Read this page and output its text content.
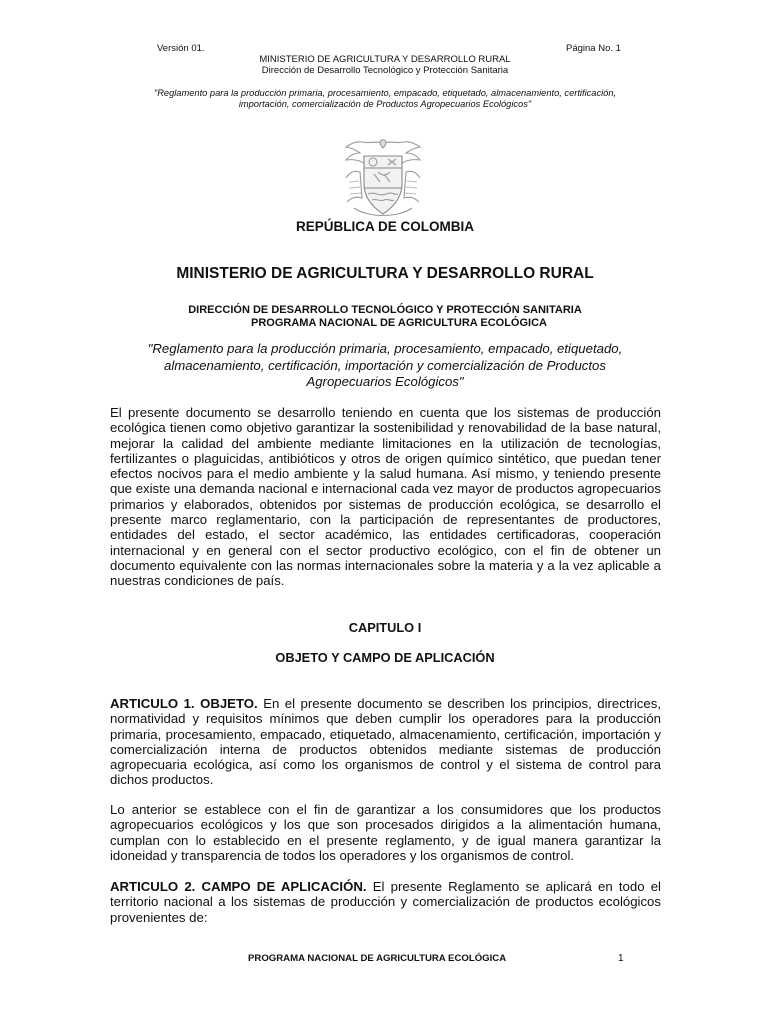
Versión 01.	Página No. 1
MINISTERIO DE AGRICULTURA Y DESARROLLO RURAL
Dirección de Desarrollo Tecnológico y Protección Sanitaria
"Reglamento para la producción primaria, procesamiento, empacado, etiquetado, almacenamiento, certificación,
importación, comercialización de Productos Agropecuarios Ecológicos"
REPÚBLICA DE COLOMBIA
MINISTERIO DE AGRICULTURA Y DESARROLLO RURAL
DIRECCIÓN DE DESARROLLO TECNOLÓGICO Y PROTECCIÓN SANITARIA
PROGRAMA NACIONAL DE AGRICULTURA ECOLÓGICA
"Reglamento para la producción primaria, procesamiento, empacado, etiquetado,
almacenamiento, certificación, importación y comercialización de Productos
Agropecuarios Ecológicos"

El presente documento se desarrollo teniendo en cuenta que los sistemas de producción ecológica tienen como objetivo garantizar la sostenibilidad y renovabilidad de la base natural, mejorar la calidad del ambiente mediante limitaciones en la utilización de tecnologías, fertilizantes o plaguicidas, antibióticos y otros de origen químico sintético, que puedan tener efectos nocivos para el medio ambiente y la salud humana. Así mismo, y teniendo presente que existe una demanda nacional e internacional cada vez mayor de productos agropecuarios primarios y elaborados, obtenidos por sistemas de producción ecológica, se desarrollo el presente marco reglamentario, con la participación de representantes de productores, entidades del estado, el sector académico, las entidades certificadoras, cooperación internacional y en general con el sector productivo ecológico, con el fin de obtener un documento equivalente con las normas internacionales sobre la materia y a la vez aplicable a nuestras condiciones de país.

CAPITULO I
OBJETO Y CAMPO DE APLICACIÓN

ARTICULO 1. OBJETO. En el presente documento se describen los principios, directrices, normatividad y requisitos mínimos que deben cumplir los operadores para la producción primaria, procesamiento, empacado, etiquetado, almacenamiento, certificación, importación y comercialización interna de productos obtenidos mediante sistemas de producción agropecuaria ecológica, así como los organismos de control y el sistema de control para dichos productos.

Lo anterior se establece con el fin de garantizar a los consumidores que los productos agropecuarios ecológicos y los que son procesados dirigidos a la alimentación humana, cumplan con lo establecido en el presente reglamento, y de igual manera garantizar la idoneidad y transparencia de todos los operadores y los organismos de control.

ARTICULO 2. CAMPO DE APLICACIÓN. El presente Reglamento se aplicará en todo el territorio nacional a los sistemas de producción y comercialización de productos ecológicos provenientes de:

PROGRAMA NACIONAL DE AGRICULTURA ECOLÓGICA	1
